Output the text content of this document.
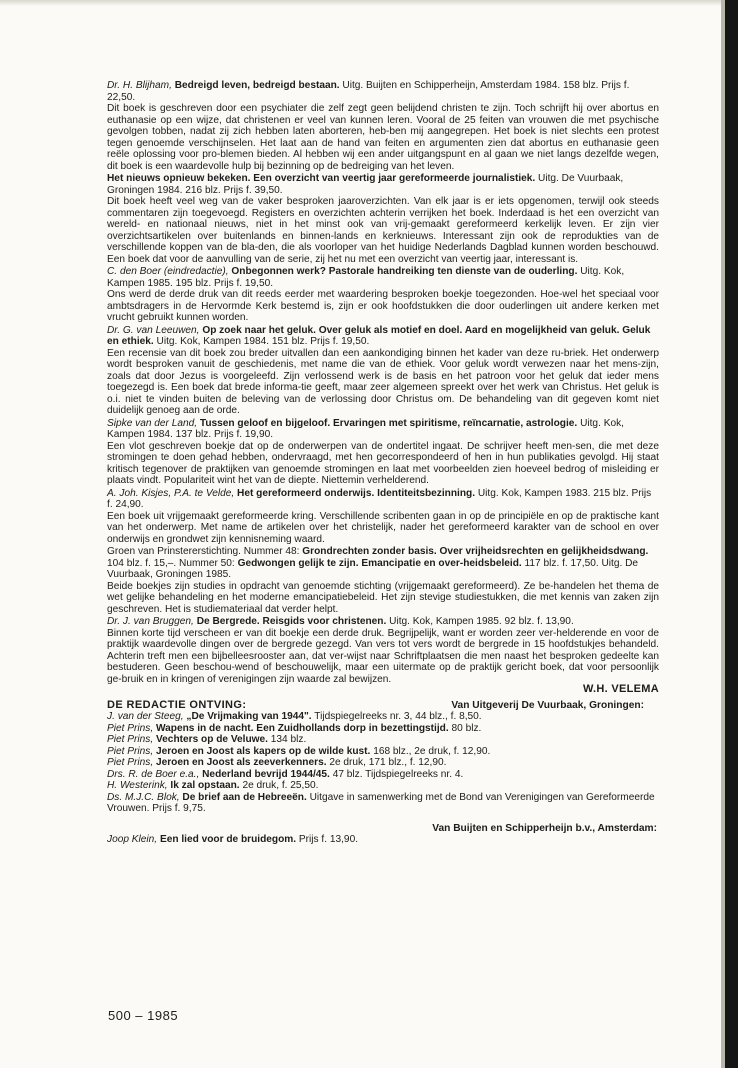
Dr. H. Blijham, Bedreigd leven, bedreigd bestaan. Uitg. Buijten en Schipperheijn, Amsterdam 1984. 158 blz. Prijs f. 22,50.
Dit boek is geschreven door een psychiater die zelf zegt geen belijdend christen te zijn. Toch schrijft hij over abortus en euthanasie op een wijze, dat christenen er veel van kunnen leren. Vooral de 25 feiten van vrouwen die met psychische gevolgen tobben, nadat zij zich hebben laten aborteren, heb-ben mij aangegrepen. Het boek is niet slechts een protest tegen genoemde verschijnselen. Het laat aan de hand van feiten en argumenten zien dat abortus en euthanasie geen reële oplossing voor pro-blemen bieden. Al hebben wij een ander uitgangspunt en al gaan we niet langs dezelfde wegen, dit boek is een waardevolle hulp bij bezinning op de bedreiging van het leven.
Het nieuws opnieuw bekeken. Een overzicht van veertig jaar gereformeerde journalistiek. Uitg. De Vuurbaak, Groningen 1984. 216 blz. Prijs f. 39,50.
Dit boek heeft veel weg van de vaker besproken jaaroverzichten. Van elk jaar is er iets opgenomen, terwijl ook steeds commentaren zijn toegevoegd. Registers en overzichten achterin verrijken het boek. Inderdaad is het een overzicht van wereld- en nationaal nieuws, niet in het minst ook van vrij-gemaakt gereformeerd kerkelijk leven. Er zijn vier overzichtsartikelen over buitenlands en binnen-lands en kerknieuws. Interessant zijn ook de reprodukties van de verschillende koppen van de bla-den, die als voorloper van het huidige Nederlands Dagblad kunnen worden beschouwd. Een boek dat voor de aanvulling van de serie, zij het nu met een overzicht van veertig jaar, interessant is.
C. den Boer (eindredactie), Onbegonnen werk? Pastorale handreiking ten dienste van de ouderling. Uitg. Kok, Kampen 1985. 195 blz. Prijs f. 19,50.
Ons werd de derde druk van dit reeds eerder met waardering besproken boekje toegezonden. Hoe-wel het speciaal voor ambtsdragers in de Hervormde Kerk bestemd is, zijn er ook hoofdstukken die door ouderlingen uit andere kerken met vrucht gebruikt kunnen worden.
Dr. G. van Leeuwen, Op zoek naar het geluk. Over geluk als motief en doel. Aard en mogelijkheid van geluk. Geluk en ethiek. Uitg. Kok, Kampen 1984. 151 blz. Prijs f. 19,50.
Een recensie van dit boek zou breder uitvallen dan een aankondiging binnen het kader van deze ru-briek. Het onderwerp wordt besproken vanuit de geschiedenis, met name die van de ethiek. Voor geluk wordt verwezen naar het mens-zijn, zoals dat door Jezus is voorgeleefd. Zijn verlossend werk is de basis en het patroon voor het geluk dat ieder mens toegezegd is. Een boek dat brede informa-tie geeft, maar zeer algemeen spreekt over het werk van Christus. Het geluk is o.i. niet te vinden buiten de beleving van de verlossing door Christus om. De behandeling van dit gegeven komt niet duidelijk genoeg aan de orde.
Sipke van der Land, Tussen geloof en bijgeloof. Ervaringen met spiritisme, reïncarnatie, astrologie. Uitg. Kok, Kampen 1984. 137 blz. Prijs f. 19,90.
Een vlot geschreven boekje dat op de onderwerpen van de ondertitel ingaat. De schrijver heeft men-sen, die met deze stromingen te doen gehad hebben, ondervraagd, met hen gecorrespondeerd of hen in hun publikaties gevolgd. Hij staat kritisch tegenover de praktijken van genoemde stromingen en laat met voorbeelden zien hoeveel bedrog of misleiding er plaats vindt. Populariteit wint het van de diepte. Niettemin verhelderend.
A. Joh. Kisjes, P.A. te Velde, Het gereformeerd onderwijs. Identiteitsbezinning. Uitg. Kok, Kampen 1983. 215 blz. Prijs f. 24,90.
Een boek uit vrijgemaakt gereformeerde kring. Verschillende scribenten gaan in op de principiële en op de praktische kant van het onderwerp. Met name de artikelen over het christelijk, nader het gereformeerd karakter van de school en over onderwijs en grondwet zijn kennisneming waard.
Groen van Prinstererstichting. Nummer 48: Grondrechten zonder basis. Over vrijheidsrechten en gelijkheidsdwang. 104 blz. f. 15,–. Nummer 50: Gedwongen gelijk te zijn. Emancipatie en over-heidsbeleid. 117 blz. f. 17,50. Uitg. De Vuurbaak, Groningen 1985.
Beide boekjes zijn studies in opdracht van genoemde stichting (vrijgemaakt gereformeerd). Ze be-handelen het thema de wet gelijke behandeling en het moderne emancipatiebeleid. Het zijn stevige studiestukken, die met kennis van zaken zijn geschreven. Het is studiemateriaal dat verder helpt.
Dr. J. van Bruggen, De Bergrede. Reisgids voor christenen. Uitg. Kok, Kampen 1985. 92 blz. f. 13,90.
Binnen korte tijd verscheen er van dit boekje een derde druk. Begrijpelijk, want er worden zeer ver-helderende en voor de praktijk waardevolle dingen over de bergrede gezegd. Van vers tot vers wordt de bergrede in 15 hoofdstukjes behandeld. Achterin treft men een bijbelleesrooster aan, dat ver-wijst naar Schriftplaatsen die men naast het besproken gedeelte kan bestuderen. Geen beschou-wend of beschouwelijk, maar een uitermate op de praktijk gericht boek, dat voor persoonlijk ge-bruik en in kringen of verenigingen zijn waarde zal bewijzen.
W.H. VELEMA
DE REDACTIE ONTVING:	Van Uitgeverij De Vuurbaak, Groningen:
J. van der Steeg, „De Vrijmaking van 1944". Tijdspiegelreeks nr. 3, 44 blz., f. 8,50.
Piet Prins, Wapens in de nacht. Een Zuidhollands dorp in bezettingstijd. 80 blz.
Piet Prins, Vechters op de Veluwe. 134 blz.
Piet Prins, Jeroen en Joost als kapers op de wilde kust. 168 blz., 2e druk, f. 12,90.
Piet Prins, Jeroen en Joost als zeeverkenners. 2e druk, 171 blz., f. 12,90.
Drs. R. de Boer e.a., Nederland bevrijd 1944/45. 47 blz. Tijdspiegelreeks nr. 4.
H. Westerink, Ik zal opstaan. 2e druk, f. 25,50.
Ds. M.J.C. Blok, De brief aan de Hebreeën. Uitgave in samenwerking met de Bond van Verenigingen van Gereformeerde Vrouwen. Prijs f. 9,75.
Van Buijten en Schipperheijn b.v., Amsterdam:
Joop Klein, Een lied voor de bruidegom. Prijs f. 13,90.
500 – 1985
